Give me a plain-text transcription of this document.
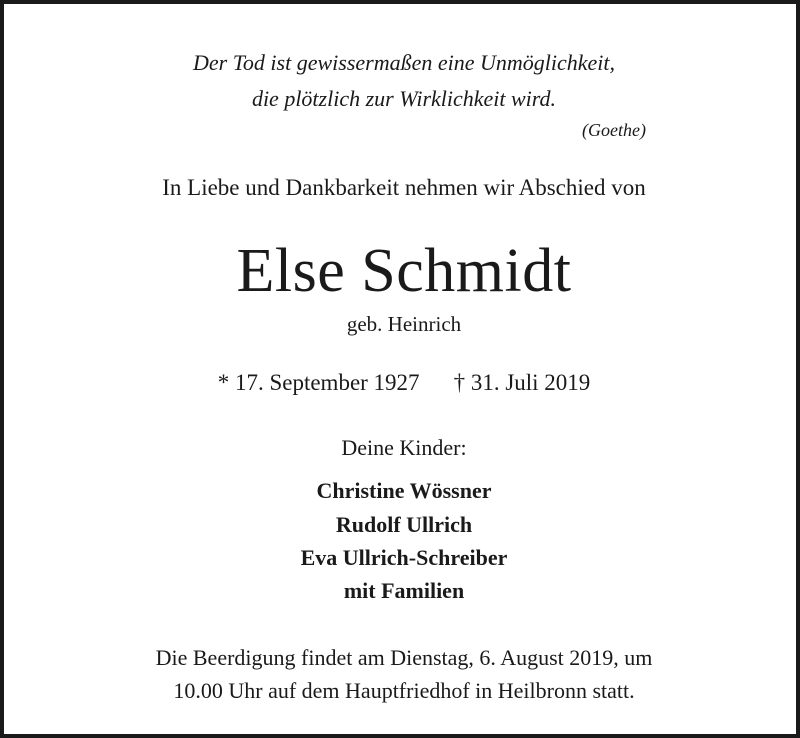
Der Tod ist gewissermaßen eine Unmöglichkeit,
die plötzlich zur Wirklichkeit wird.
(Goethe)
In Liebe und Dankbarkeit nehmen wir Abschied von
Else Schmidt
geb. Heinrich
* 17. September 1927 † 31. Juli 2019
Deine Kinder:
Christine Wössner
Rudolf Ullrich
Eva Ullrich-Schreiber
mit Familien
Die Beerdigung findet am Dienstag, 6. August 2019, um
10.00 Uhr auf dem Hauptfriedhof in Heilbronn statt.
